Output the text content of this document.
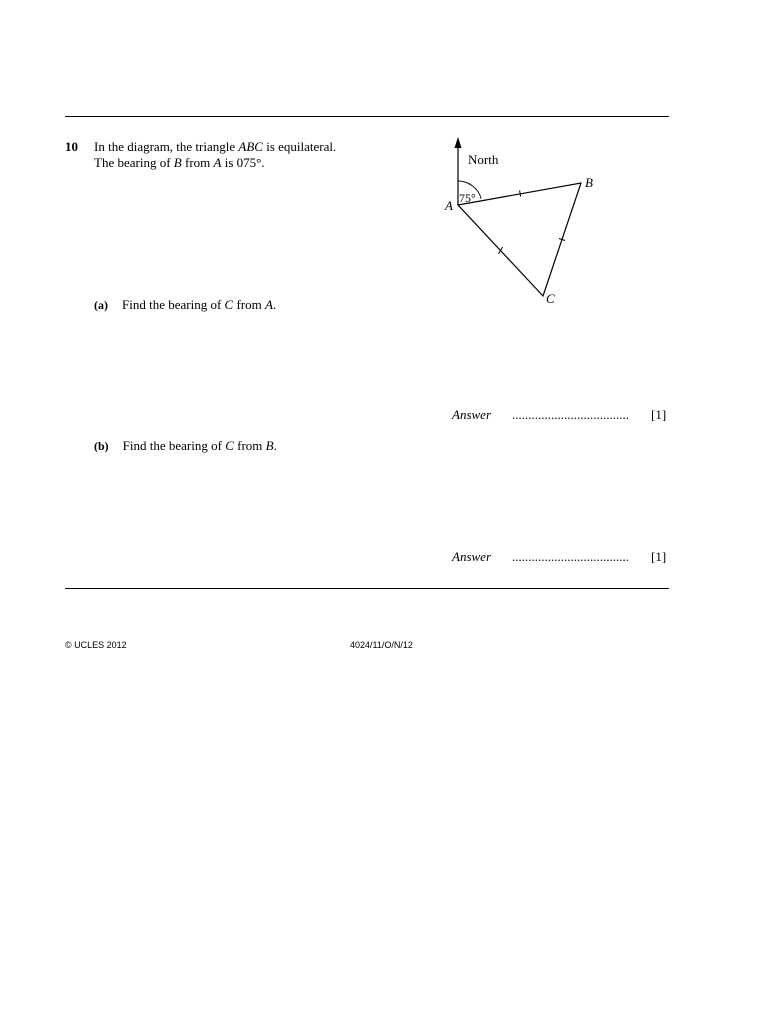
10 In the diagram, the triangle ABC is equilateral.
The bearing of B from A is 075°.	North
75°
A
B
C
(a) Find the bearing of C from A.
Answer .................................... [1]
(b) Find the bearing of C from B.
Answer .................................... [1]
© UCLES 2012	4024/11/O/N/12
